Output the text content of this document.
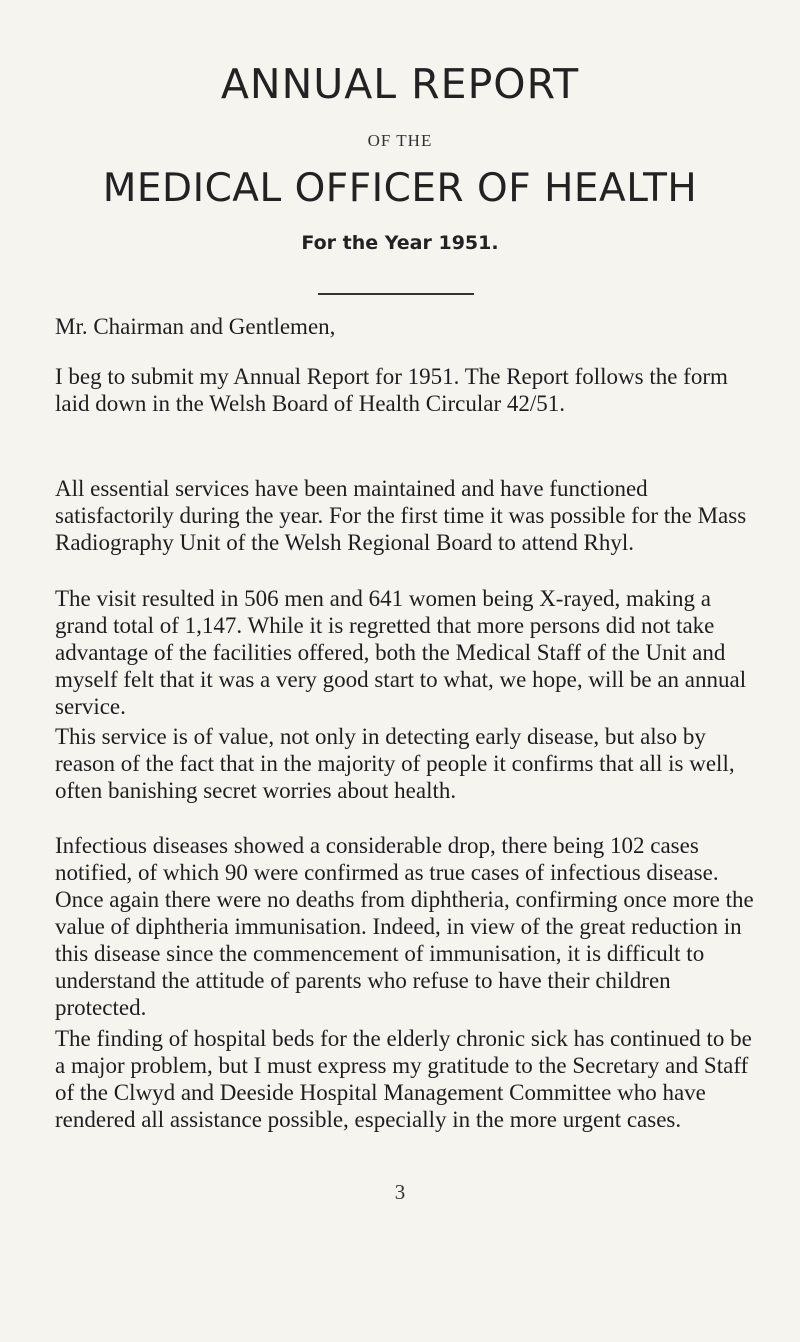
ANNUAL REPORT
OF THE
MEDICAL OFFICER OF HEALTH
For the Year 1951.

Mr. Chairman and Gentlemen,

I beg to submit my Annual Report for 1951. The Report follows the form laid down in the Welsh Board of Health Circular 42/51.

All essential services have been maintained and have functioned satisfactorily during the year. For the first time it was possible for the Mass Radiography Unit of the Welsh Regional Board to attend Rhyl.

The visit resulted in 506 men and 641 women being X-rayed, making a grand total of 1,147. While it is regretted that more persons did not take advantage of the facilities offered, both the Medical Staff of the Unit and myself felt that it was a very good start to what, we hope, will be an annual service.

This service is of value, not only in detecting early disease, but also by reason of the fact that in the majority of people it confirms that all is well, often banishing secret worries about health.

Infectious diseases showed a considerable drop, there being 102 cases notified, of which 90 were confirmed as true cases of infectious disease. Once again there were no deaths from diphtheria, confirming once more the value of diphtheria immunisation. Indeed, in view of the great reduction in this disease since the commencement of immunisation, it is difficult to understand the attitude of parents who refuse to have their children protected.

The finding of hospital beds for the elderly chronic sick has continued to be a major problem, but I must express my gratitude to the Secretary and Staff of the Clwyd and Deeside Hospital Management Committee who have rendered all assistance possible, especially in the more urgent cases.

3
